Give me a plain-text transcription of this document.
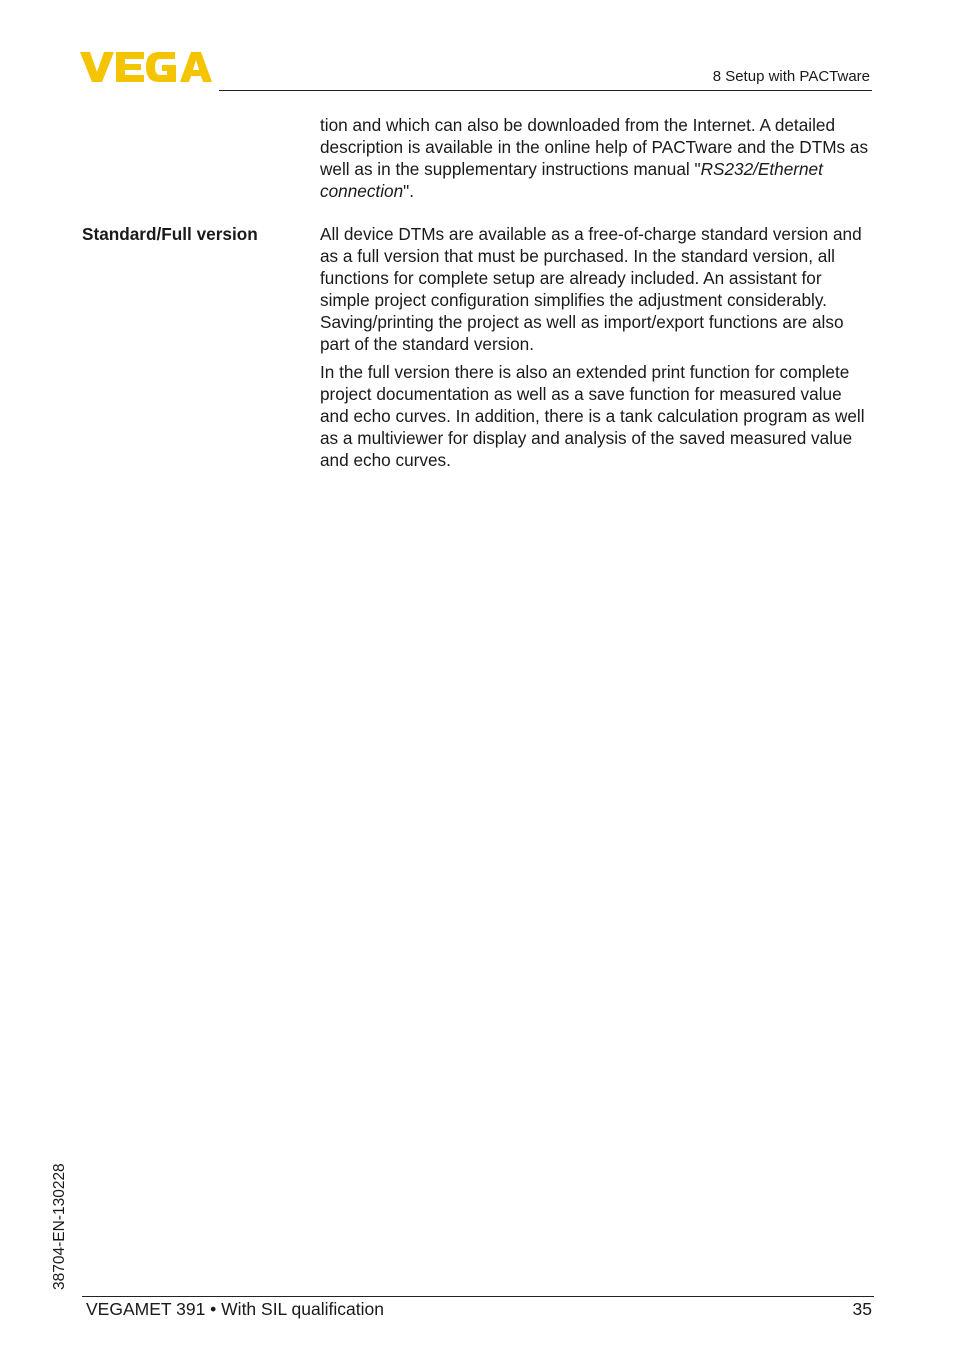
8 Setup with PACTware

tion and which can also be downloaded from the Internet. A detailed description is available in the online help of PACTware and the DTMs as well as in the supplementary instructions manual "RS232/Ethernet connection".

Standard/Full version	All device DTMs are available as a free-of-charge standard version and as a full version that must be purchased. In the standard version, all functions for complete setup are already included. An assistant for simple project configuration simplifies the adjustment considerably. Saving/printing the project as well as import/export functions are also part of the standard version.

In the full version there is also an extended print function for complete project documentation as well as a save function for measured value and echo curves. In addition, there is a tank calculation program as well as a multiviewer for display and analysis of the saved measured value and echo curves.

38704-EN-130228
VEGAMET 391 • With SIL qualification	35
